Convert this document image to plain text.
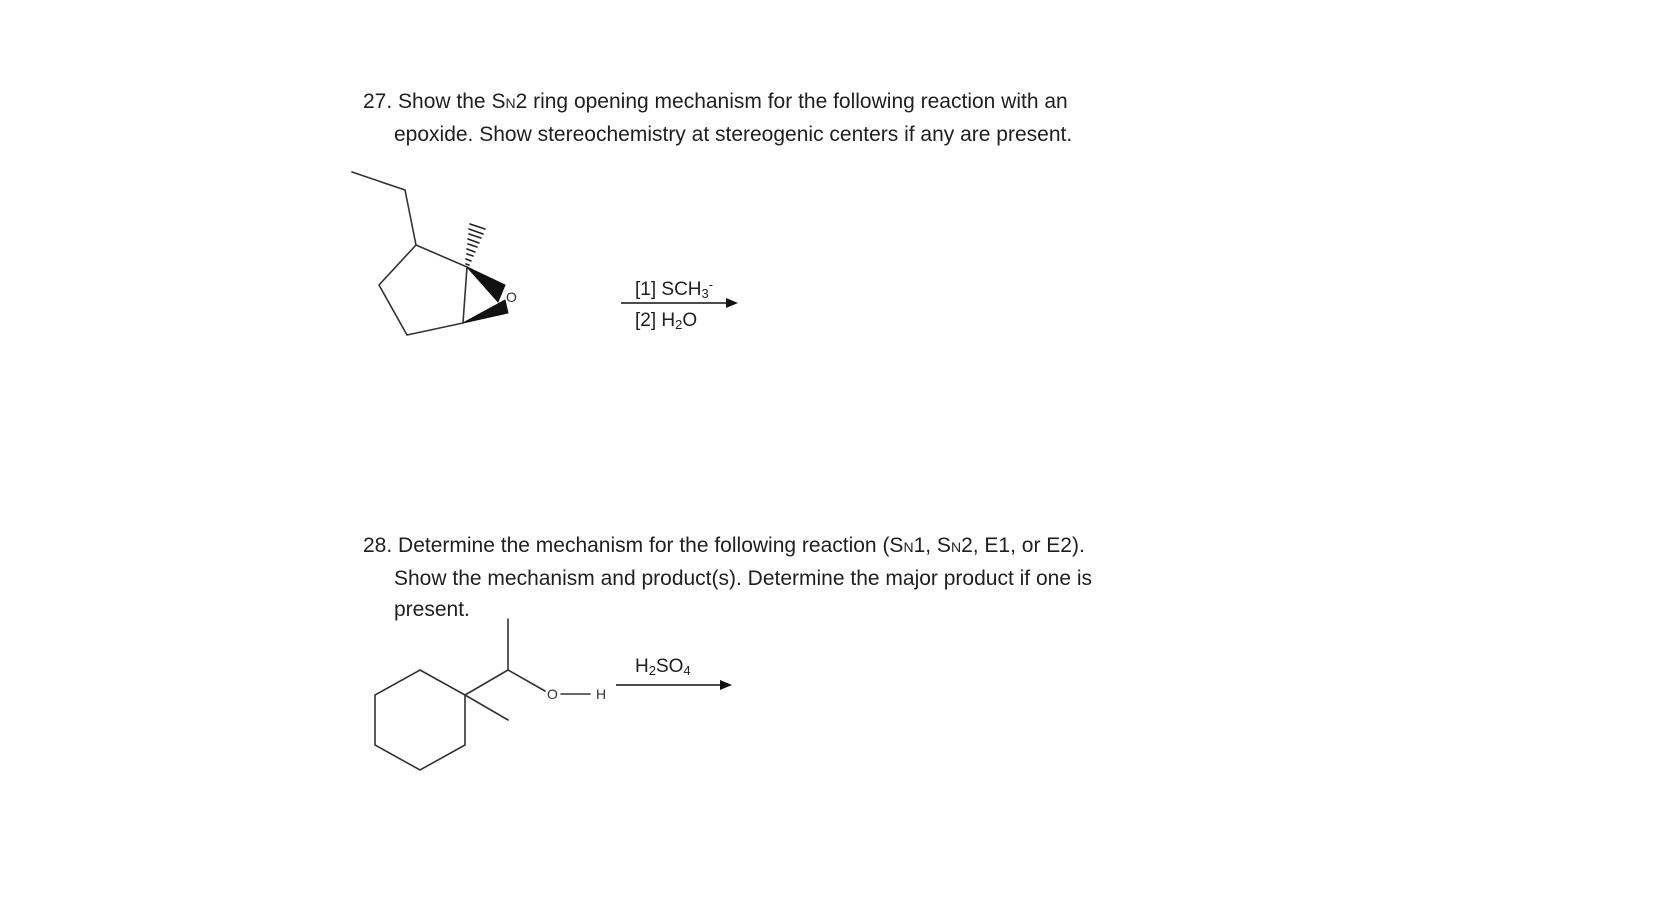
27. Show the SN2 ring opening mechanism for the following reaction with an
epoxide. Show stereochemistry at stereogenic centers if any are present.
28. Determine the mechanism for the following reaction (SN1, SN2, E1, or E2).
Show the mechanism and product(s). Determine the major product if one is
present.
O
O	H
[1] $SCH_3^-$
[2] $H_2O$
$H_2SO_4$
